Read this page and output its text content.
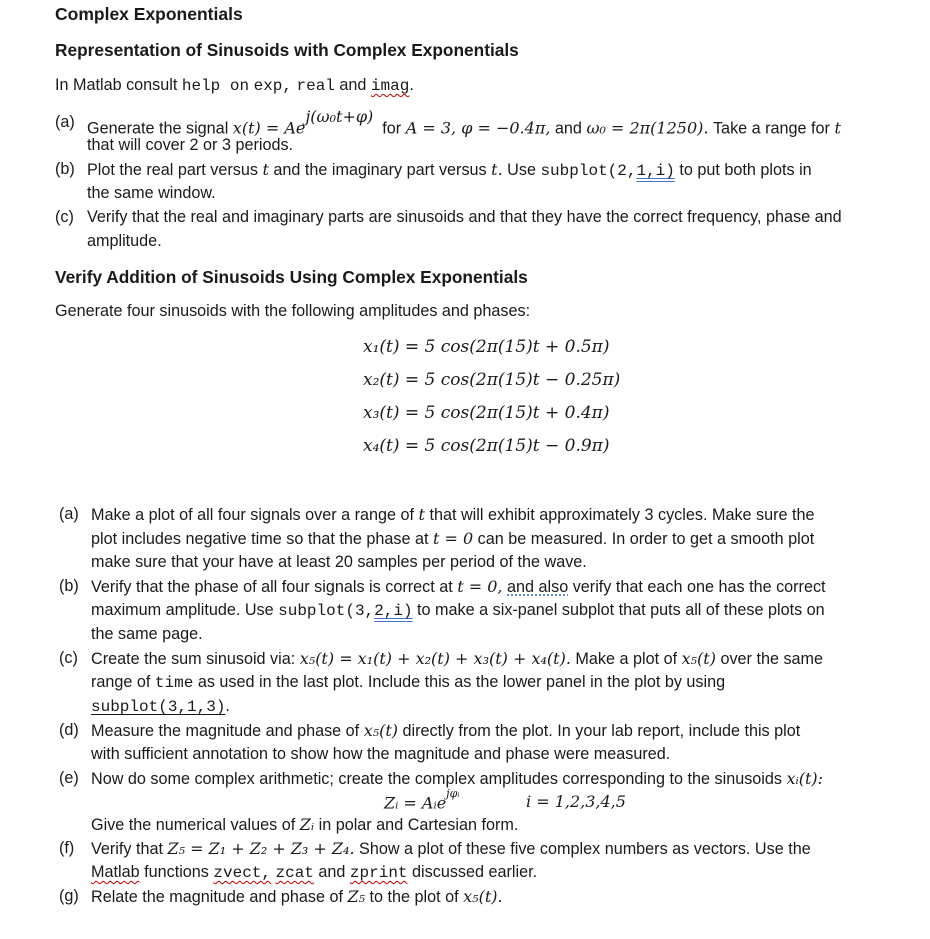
Complex Exponentials
Representation of Sinusoids with Complex Exponentials
In Matlab consult help on exp, real and imag.
(a) Generate the signal $x(t) = Ae^{j(\omega_0t+\varphi)}$  for A = 3, φ = −0.4π, and ω₀ = 2π(1250). Take a range for t
that will cover 2 or 3 periods.
(b) Plot the real part versus t and the imaginary part versus t. Use subplot(2,1,i) to put both plots in
the same window.
(c) Verify that the real and imaginary parts are sinusoids and that they have the correct frequency, phase and
amplitude.
Verify Addition of Sinusoids Using Complex Exponentials
Generate four sinusoids with the following amplitudes and phases:
x₁(t) = 5 cos(2π(15)t + 0.5π)
x₂(t) = 5 cos(2π(15)t − 0.25π)
x₃(t) = 5 cos(2π(15)t + 0.4π)
x₄(t) = 5 cos(2π(15)t − 0.9π)
(a) Make a plot of all four signals over a range of t that will exhibit approximately 3 cycles. Make sure the
plot includes negative time so that the phase at t = 0 can be measured. In order to get a smooth plot
make sure that your have at least 20 samples per period of the wave.
(b) Verify that the phase of all four signals is correct at t = 0, and also verify that each one has the correct
maximum amplitude. Use subplot(3,2,i) to make a six-panel subplot that puts all of these plots on
the same page.
(c) Create the sum sinusoid via: x₅(t) = x₁(t) + x₂(t) + x₃(t) + x₄(t). Make a plot of x₅(t) over the same
range of time as used in the last plot. Include this as the lower panel in the plot by using
subplot(3,1,3).
(d) Measure the magnitude and phase of x₅(t) directly from the plot. In your lab report, include this plot
with sufficient annotation to show how the magnitude and phase were measured.
(e) Now do some complex arithmetic; create the complex amplitudes corresponding to the sinusoids xᵢ(t):
Zᵢ = Aᵢe$^{j\varphi ᵢ}$	i = 1,2,3,4,5
Give the numerical values of Zᵢ in polar and Cartesian form.
(f) Verify that Z₅ = Z₁ + Z₂ + Z₃ + Z₄. Show a plot of these five complex numbers as vectors. Use the
Matlab functions zvect, zcat and zprint discussed earlier.
(g) Relate the magnitude and phase of Z₅ to the plot of x₅(t).
